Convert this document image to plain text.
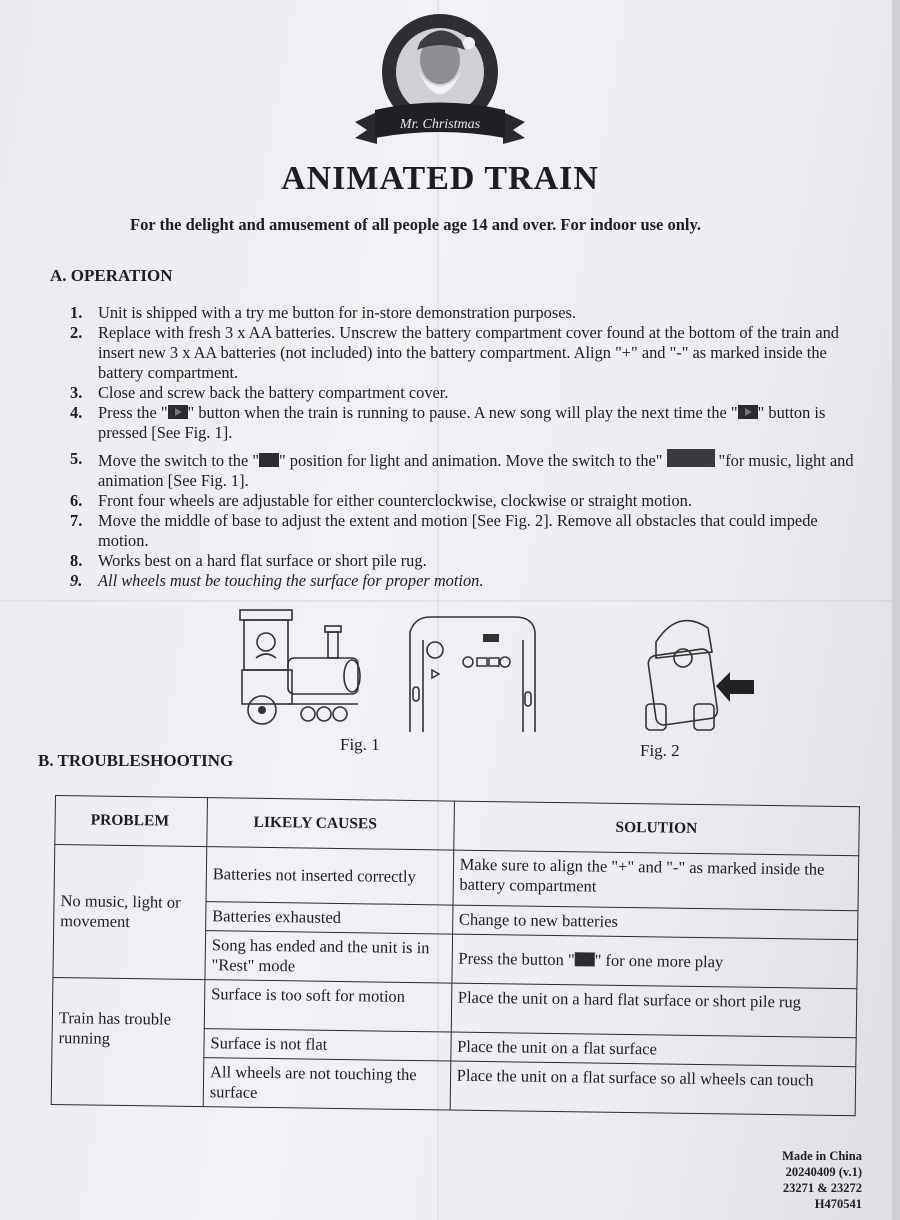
Mr. Christmas
ANIMATED TRAIN
For the delight and amusement of all people age 14 and over. For indoor use only.
A. OPERATION
1. Unit is shipped with a try me button for in-store demonstration purposes.
2. Replace with fresh 3 x AA batteries. Unscrew the battery compartment cover found at the bottom of the train and insert new 3 x AA batteries (not included) into the battery compartment. Align "+" and "-" as marked inside the battery compartment.
3. Close and screw back the battery compartment cover.
4. Press the " " button when the train is running to pause. A new song will play the next time the " " button is pressed [See Fig. 1].
5. Move the switch to the " " position for light and animation. Move the switch to the"	"for music, light and animation [See Fig. 1].
6. Front four wheels are adjustable for either counterclockwise, clockwise or straight motion.
7. Move the middle of base to adjust the extent and motion [See Fig. 2]. Remove all obstacles that could impede motion.
8. Works best on a hard flat surface or short pile rug.
9. All wheels must be touching the surface for proper motion.
Fig. 1	Fig. 2
B. TROUBLESHOOTING
PROBLEM	LIKELY CAUSES	SOLUTION
No music, light or movement	Batteries not inserted correctly	Make sure to align the "+" and "-" as marked inside the battery compartment
	Batteries exhausted	Change to new batteries
	Song has ended and the unit is in "Rest" mode	Press the button " " for one more play
Train has trouble running	Surface is too soft for motion	Place the unit on a hard flat surface or short pile rug
	Surface is not flat	Place the unit on a flat surface
	All wheels are not touching the surface	Place the unit on a flat surface so all wheels can touch
Made in China
20240409 (v.1)
23271 & 23272
H470541
